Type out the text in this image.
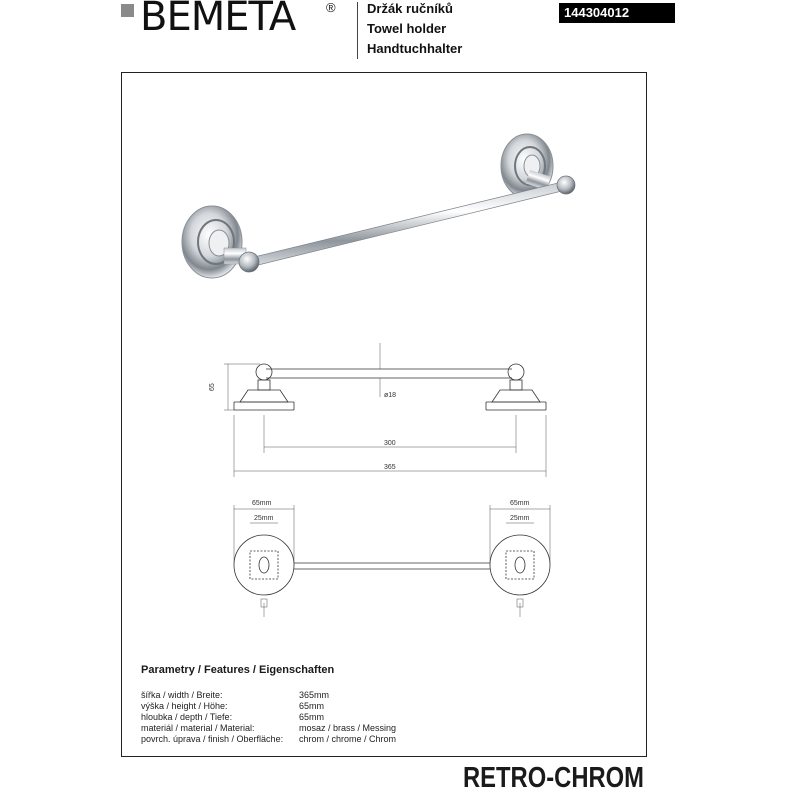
BEMETA ® Držák ručníků
Towel holder
Handtuchhalter
144304012
65
ø18
300
365
65mm
25mm
65mm
25mm
Parametry / Features / Eigenschaften
šířka / width / Breite:	365mm
výška / height / Höhe:	65mm
hloubka / depth / Tiefe:	65mm
materiál / material / Material:	mosaz / brass / Messing
povrch. úprava / finish / Oberfläche: chrom / chrome / Chrom
RETRO-CHROM
